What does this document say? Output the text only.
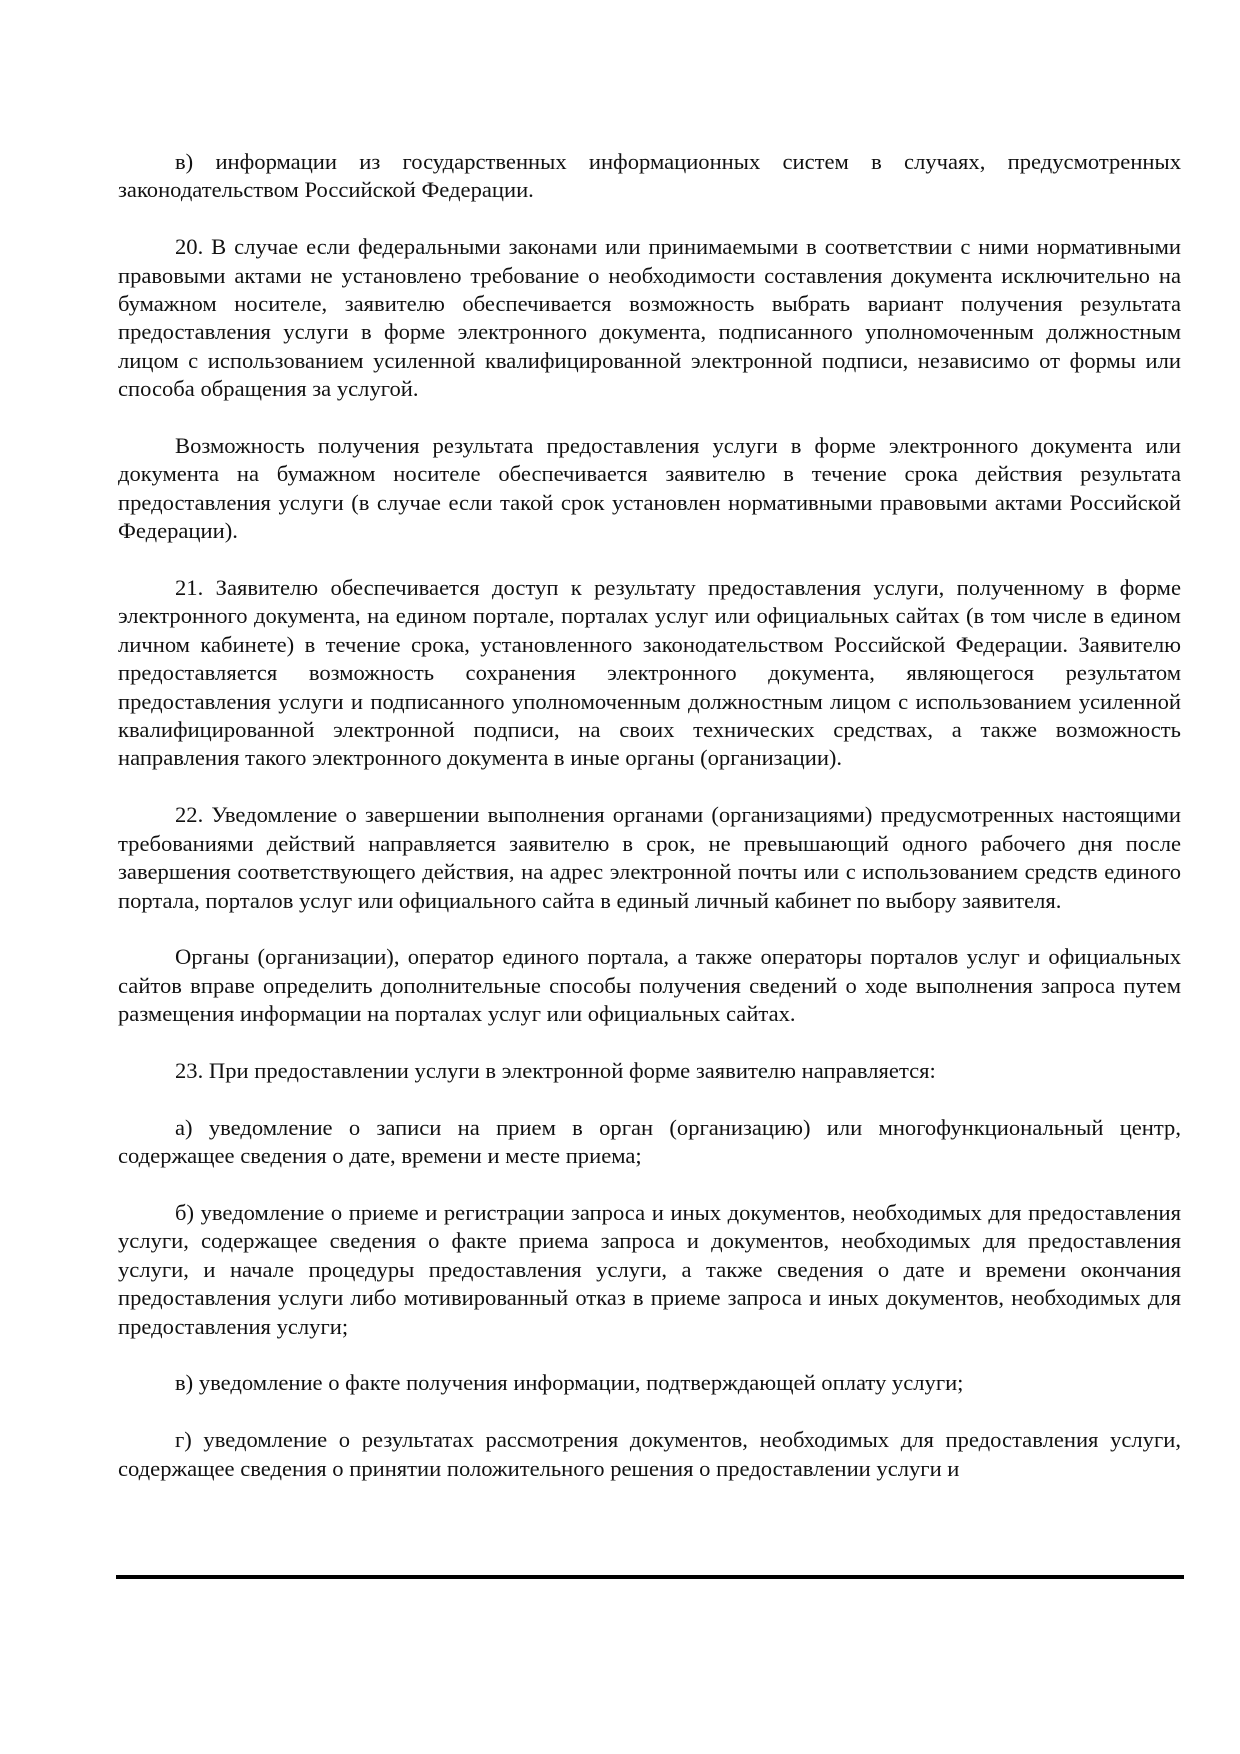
в) информации из государственных информационных систем в случаях, предусмотренных законодательством Российской Федерации.

20. В случае если федеральными законами или принимаемыми в соответствии с ними нормативными правовыми актами не установлено требование о необходимости составления документа исключительно на бумажном носителе, заявителю обеспечивается возможность выбрать вариант получения результата предоставления услуги в форме электронного документа, подписанного уполномоченным должностным лицом с использованием усиленной квалифицированной электронной подписи, независимо от формы или способа обращения за услугой.

Возможность получения результата предоставления услуги в форме электронного документа или документа на бумажном носителе обеспечивается заявителю в течение срока действия результата предоставления услуги (в случае если такой срок установлен нормативными правовыми актами Российской Федерации).

21. Заявителю обеспечивается доступ к результату предоставления услуги, полученному в форме электронного документа, на едином портале, порталах услуг или официальных сайтах (в том числе в едином личном кабинете) в течение срока, установленного законодательством Российской Федерации. Заявителю предоставляется возможность сохранения электронного документа, являющегося результатом предоставления услуги и подписанного уполномоченным должностным лицом с использованием усиленной квалифицированной электронной подписи, на своих технических средствах, а также возможность направления такого электронного документа в иные органы (организации).

22. Уведомление о завершении выполнения органами (организациями) предусмотренных настоящими требованиями действий направляется заявителю в срок, не превышающий одного рабочего дня после завершения соответствующего действия, на адрес электронной почты или с использованием средств единого портала, порталов услуг или официального сайта в единый личный кабинет по выбору заявителя.

Органы (организации), оператор единого портала, а также операторы порталов услуг и официальных сайтов вправе определить дополнительные способы получения сведений о ходе выполнения запроса путем размещения информации на порталах услуг или официальных сайтах.

23. При предоставлении услуги в электронной форме заявителю направляется:

а) уведомление о записи на прием в орган (организацию) или многофункциональный центр, содержащее сведения о дате, времени и месте приема;

б) уведомление о приеме и регистрации запроса и иных документов, необходимых для предоставления услуги, содержащее сведения о факте приема запроса и документов, необходимых для предоставления услуги, и начале процедуры предоставления услуги, а также сведения о дате и времени окончания предоставления услуги либо мотивированный отказ в приеме запроса и иных документов, необходимых для предоставления услуги;

в) уведомление о факте получения информации, подтверждающей оплату услуги;

г) уведомление о результатах рассмотрения документов, необходимых для предоставления услуги, содержащее сведения о принятии положительного решения о предоставлении услуги и
